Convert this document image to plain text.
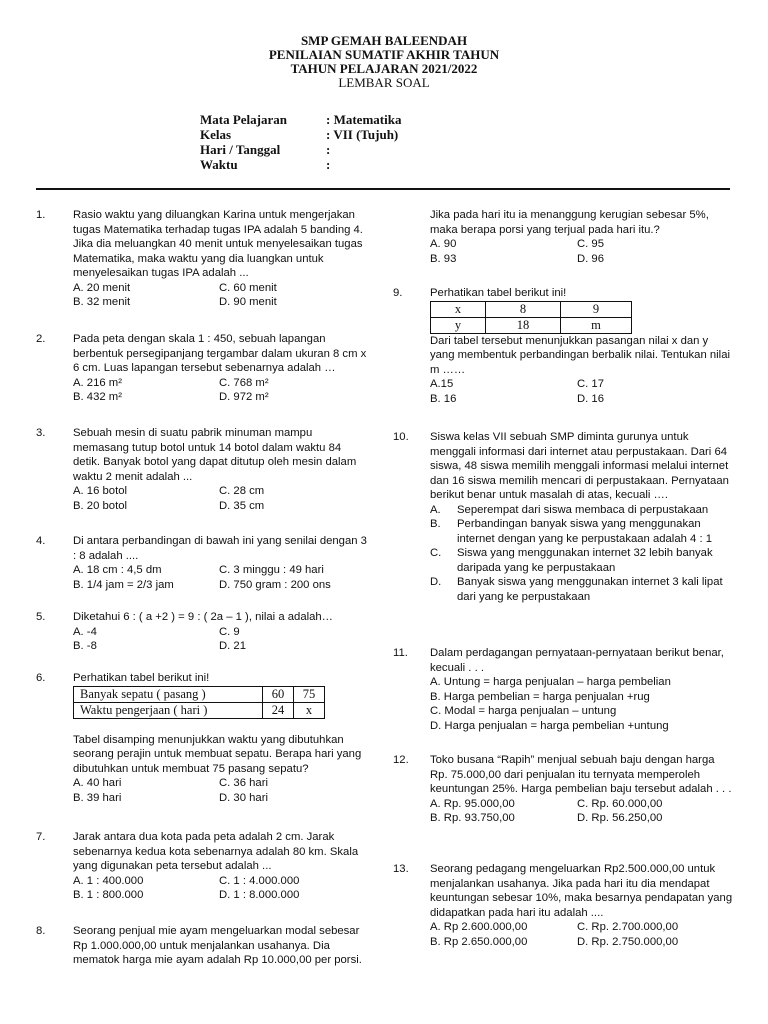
SMP GEMAH BALEENDAH
PENILAIAN SUMATIF AKHIR TAHUN
TAHUN PELAJARAN 2021/2022
LEMBAR SOAL
Mata Pelajaran	: Matematika
Kelas	: VII (Tujuh)
Hari / Tanggal	:
Waktu	:
1. Rasio waktu yang diluangkan Karina untuk mengerjakan tugas Matematika terhadap tugas IPA adalah 5 banding 4. Jika dia meluangkan 40 menit untuk menyelesaikan tugas Matematika, maka waktu yang dia luangkan untuk menyelesaikan tugas IPA adalah ...
A. 20 menit	C. 60 menit
B. 32 menit	D. 90 menit
2. Pada peta dengan skala 1 : 450, sebuah lapangan berbentuk persegipanjang tergambar dalam ukuran 8 cm x 6 cm. Luas lapangan tersebut sebenarnya adalah …
A. 216 m²	C. 768 m²
B. 432 m²	D. 972 m²
3. Sebuah mesin di suatu pabrik minuman mampu memasang tutup botol untuk 14 botol dalam waktu 84 detik. Banyak botol yang dapat ditutup oleh mesin dalam waktu 2 menit adalah ...
A. 16 botol	C. 28 cm
B. 20 botol	D. 35 cm
4. Di antara perbandingan di bawah ini yang senilai dengan 3 : 8 adalah ....
A. 18 cm : 4,5 dm	C. 3 minggu : 49 hari
B. 1/4 jam = 2/3 jam	D. 750 gram : 200 ons
5. Diketahui 6 : ( a +2 ) = 9 : ( 2a – 1 ), nilai a adalah…
A. -4	C. 9
B. -8	D. 21
6. Perhatikan tabel berikut ini!
Banyak sepatu ( pasang )	60	75
Waktu pengerjaan ( hari )	24	x
Tabel disamping menunjukkan waktu yang dibutuhkan seorang perajin untuk membuat sepatu. Berapa hari yang dibutuhkan untuk membuat 75 pasang sepatu?
A. 40 hari	C. 36 hari
B. 39 hari	D. 30 hari
7. Jarak antara dua kota pada peta adalah 2 cm. Jarak sebenarnya kedua kota sebenarnya adalah 80 km. Skala yang digunakan peta tersebut adalah ...
A. 1 : 400.000	C. 1 : 4.000.000
B. 1 : 800.000	D. 1 : 8.000.000
8. Seorang penjual mie ayam mengeluarkan modal sebesar Rp 1.000.000,00 untuk menjalankan usahanya. Dia mematok harga mie ayam adalah Rp 10.000,00 per porsi.
Jika pada hari itu ia menanggung kerugian sebesar 5%, maka berapa porsi yang terjual pada hari itu.?
A. 90	C. 95
B. 93	D. 96
9. Perhatikan tabel berikut ini!
x	8	9
y	18	m
Dari tabel tersebut menunjukkan pasangan nilai x dan y yang membentuk perbandingan berbalik nilai. Tentukan nilai m ……
A.15	C. 17
B. 16	D. 16
10. Siswa kelas VII sebuah SMP diminta gurunya untuk menggali informasi dari internet atau perpustakaan. Dari 64 siswa, 48 siswa memilih menggali informasi melalui internet dan 16 siswa memilih mencari di perpustakaan. Pernyataan berikut benar untuk masalah di atas, kecuali ….
A.	Seperempat dari siswa membaca di perpustakaan
B.	Perbandingan banyak siswa yang menggunakan internet dengan yang ke perpustakaan adalah 4 : 1
C.	Siswa yang menggunakan internet 32 lebih banyak daripada yang ke perpustakaan
D.	Banyak siswa yang menggunakan internet 3 kali lipat dari yang ke perpustakaan
11. Dalam perdagangan pernyataan-pernyataan berikut benar, kecuali . . .
A. Untung = harga penjualan – harga pembelian
B. Harga pembelian = harga penjualan +rug
C. Modal = harga penjualan – untung
D. Harga penjualan = harga pembelian +untung
12. Toko busana “Rapih” menjual sebuah baju dengan harga Rp. 75.000,00 dari penjualan itu ternyata memperoleh keuntungan 25%. Harga pembelian baju tersebut adalah . . .
A. Rp. 95.000,00	C. Rp. 60.000,00
B. Rp. 93.750,00	D. Rp. 56.250,00
13. Seorang pedagang mengeluarkan Rp2.500.000,00 untuk menjalankan usahanya. Jika pada hari itu dia mendapat keuntungan sebesar 10%, maka besarnya pendapatan yang didapatkan pada hari itu adalah ....
A. Rp 2.600.000,00	C. Rp. 2.700.000,00
B. Rp 2.650.000,00	D. Rp. 2.750.000,00
